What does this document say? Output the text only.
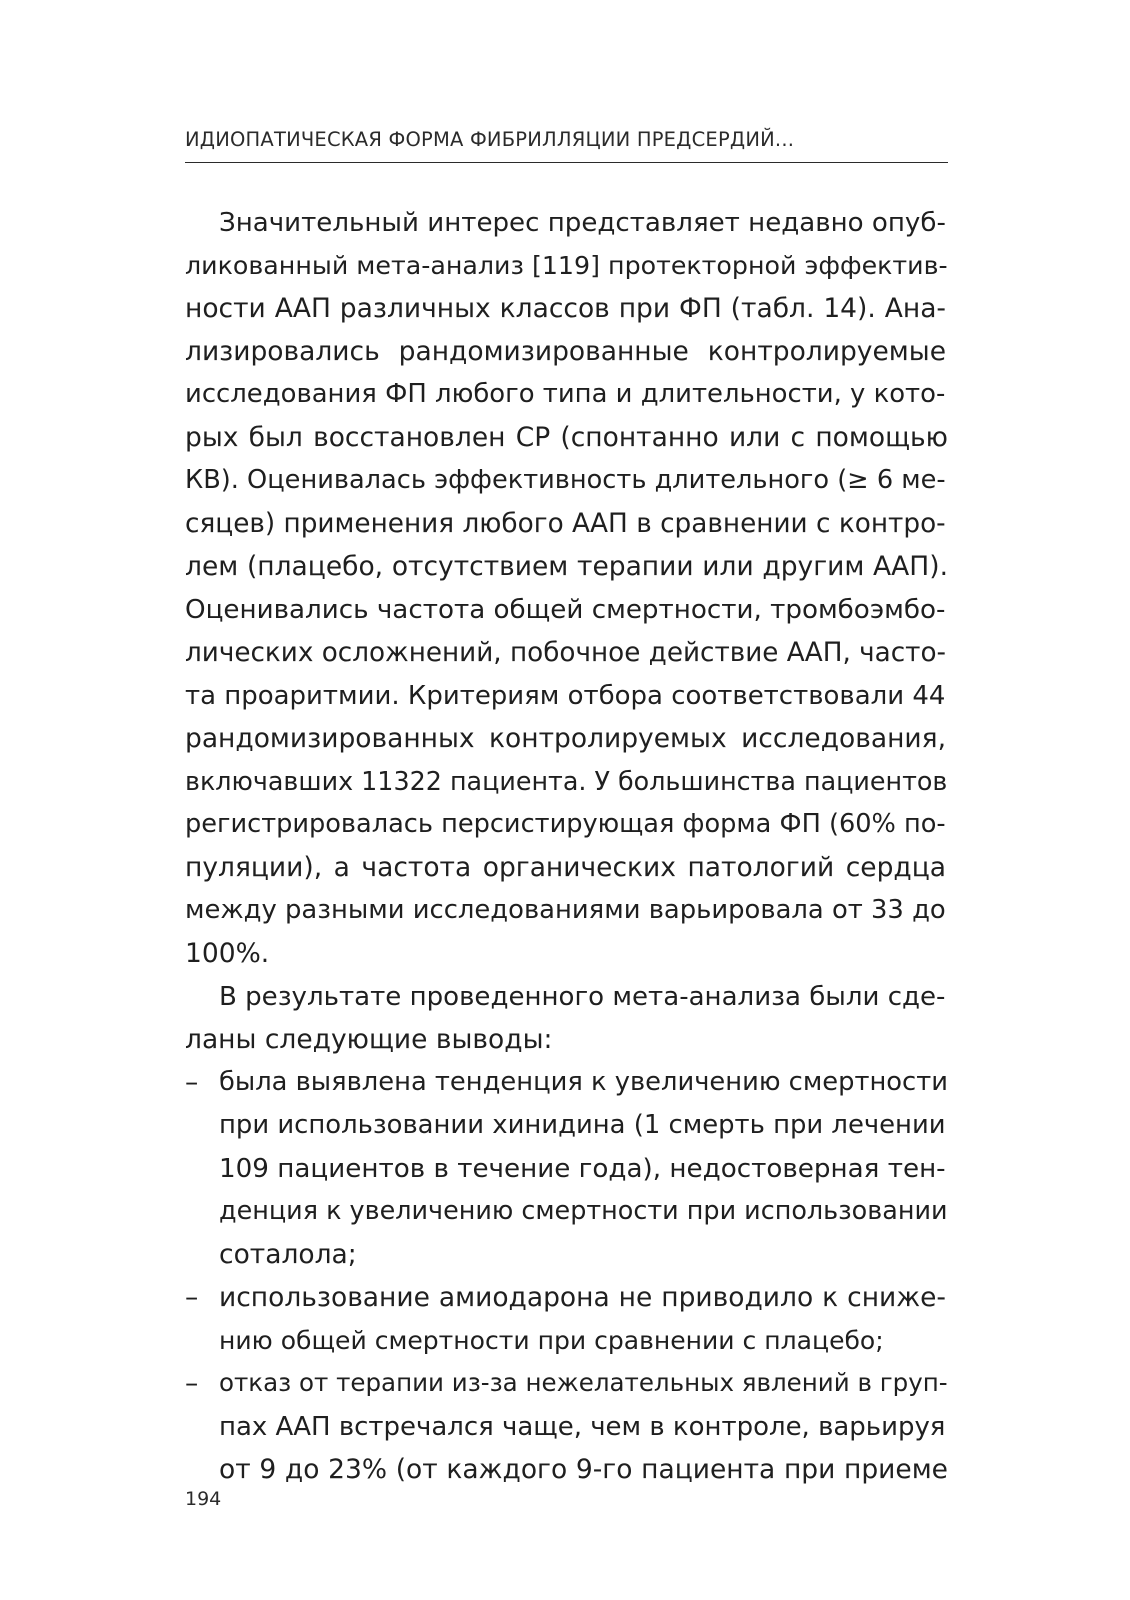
ИДИОПАТИЧЕСКАЯ ФОРМА ФИБРИЛЛЯЦИИ ПРЕДСЕРДИЙ...
Значительный интерес представляет недавно опуб-
ликованный мета-анализ [119] протекторной эффектив-
ности ААП различных классов при ФП (табл. 14). Ана-
лизировались рандомизированные контролируемые
исследования ФП любого типа и длительности, у кото-
рых был восстановлен СР (спонтанно или с помощью
КВ). Оценивалась эффективность длительного (≥ 6 ме-
сяцев) применения любого ААП в сравнении с контро-
лем (плацебо, отсутствием терапии или другим ААП).
Оценивались частота общей смертности, тромбоэмбо-
лических осложнений, побочное действие ААП, часто-
та проаритмии. Критериям отбора соответствовали 44
рандомизированных контролируемых исследования,
включавших 11322 пациента. У большинства пациентов
регистрировалась персистирующая форма ФП (60% по-
пуляции), а частота органических патологий сердца
между разными исследованиями варьировала от 33 до
100%.
В результате проведенного мета-анализа были сде-
ланы следующие выводы:
– была выявлена тенденция к увеличению смертности
при использовании хинидина (1 смерть при лечении
109 пациентов в течение года), недостоверная тен-
денция к увеличению смертности при использовании
соталола;
– использование амиодарона не приводило к сниже-
нию общей смертности при сравнении с плацебо;
– отказ от терапии из-за нежелательных явлений в груп-
пах ААП встречался чаще, чем в контроле, варьируя
от 9 до 23% (от каждого 9-го пациента при приеме
194
